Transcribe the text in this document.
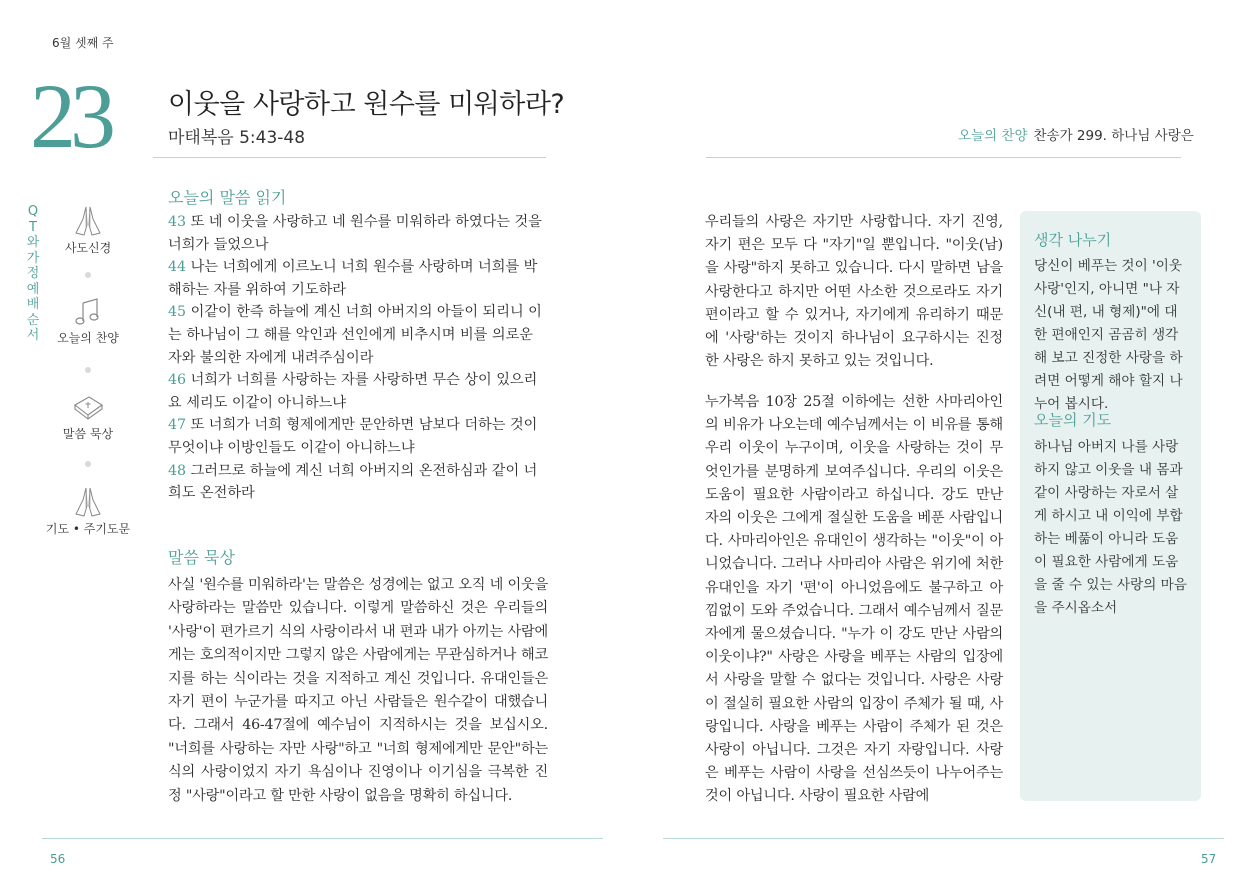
6월 셋째 주
23 이웃을 사랑하고 원수를 미워하라?
마태복음 5:43-48	오늘의 찬양 찬송가 299. 하나님 사랑은
QT와 가정예배 순서
사도신경
오늘의 찬양
말씀 묵상
기도 • 주기도문
오늘의 말씀 읽기

43 또 네 이웃을 사랑하고 네 원수를 미워하라 하였다는 것을 너희가 들었으나

44 나는 너희에게 이르노니 너희 원수를 사랑하며 너희를 박해하는 자를 위하여 기도하라

45 이같이 한즉 하늘에 계신 너희 아버지의 아들이 되리니 이는 하나님이 그 해를 악인과 선인에게 비추시며 비를 의로운 자와 불의한 자에게 내려주심이라

46 너희가 너희를 사랑하는 자를 사랑하면 무슨 상이 있으리요 세리도 이같이 아니하느냐

47 또 너희가 너희 형제에게만 문안하면 남보다 더하는 것이 무엇이냐 이방인들도 이같이 아니하느냐

48 그러므로 하늘에 계신 너희 아버지의 온전하심과 같이 너희도 온전하라

말씀 묵상

사실 '원수를 미워하라'는 말씀은 성경에는 없고 오직 네 이웃을 사랑하라는 말씀만 있습니다. 이렇게 말씀하신 것은 우리들의 '사랑'이 편가르기 식의 사랑이라서 내 편과 내가 아끼는 사람에게는 호의적이지만 그렇지 않은 사람에게는 무관심하거나 해코지를 하는 식이라는 것을 지적하고 계신 것입니다. 유대인들은 자기 편이 누군가를 따지고 아닌 사람들은 원수같이 대했습니다. 그래서 46-47절에 예수님이 지적하시는 것을 보십시오. "너희를 사랑하는 자만 사랑"하고 "너희 형제에게만 문안"하는 식의 사랑이었지 자기 욕심이나 진영이나 이기심을 극복한 진정 "사랑"이라고 할 만한 사랑이 없음을 명확히 하십니다.

우리들의 사랑은 자기만 사랑합니다. 자기 진영, 자기 편은 모두 다 "자기"일 뿐입니다. "이웃(남)을 사랑"하지 못하고 있습니다. 다시 말하면 남을 사랑한다고 하지만 어떤 사소한 것으로라도 자기 편이라고 할 수 있거나, 자기에게 유리하기 때문에 '사랑'하는 것이지 하나님이 요구하시는 진정한 사랑은 하지 못하고 있는 것입니다.

누가복음 10장 25절 이하에는 선한 사마리아인의 비유가 나오는데 예수님께서는 이 비유를 통해 우리 이웃이 누구이며, 이웃을 사랑하는 것이 무엇인가를 분명하게 보여주십니다. 우리의 이웃은 도움이 필요한 사람이라고 하십니다. 강도 만난 자의 이웃은 그에게 절실한 도움을 베푼 사람입니다. 사마리아인은 유대인이 생각하는 "이웃"이 아니었습니다. 그러나 사마리아 사람은 위기에 처한 유대인을 자기 '편'이 아니었음에도 불구하고 아낌없이 도와 주었습니다. 그래서 예수님께서 질문자에게 물으셨습니다. "누가 이 강도 만난 사람의 이웃이냐?" 사랑은 사랑을 베푸는 사람의 입장에서 사랑을 말할 수 없다는 것입니다. 사랑은 사랑이 절실히 필요한 사람의 입장이 주체가 될 때, 사랑입니다. 사랑을 베푸는 사람이 주체가 된 것은 사랑이 아닙니다. 그것은 자기 자랑입니다. 사랑은 베푸는 사람이 사랑을 선심쓰듯이 나누어주는 것이 아닙니다. 사랑이 필요한 사람에

생각 나누기

당신이 베푸는 것이 '이웃 사랑'인지, 아니면 "나 자신(내 편, 내 형제)"에 대한 편애인지 곰곰히 생각해 보고 진정한 사랑을 하려면 어떻게 해야 할지 나누어 봅시다.

오늘의 기도

하나님 아버지 나를 사랑하지 않고 이웃을 내 몸과 같이 사랑하는 자로서 살게 하시고 내 이익에 부합하는 베풂이 아니라 도움이 필요한 사람에게 도움을 줄 수 있는 사랑의 마음을 주시옵소서

56	57
